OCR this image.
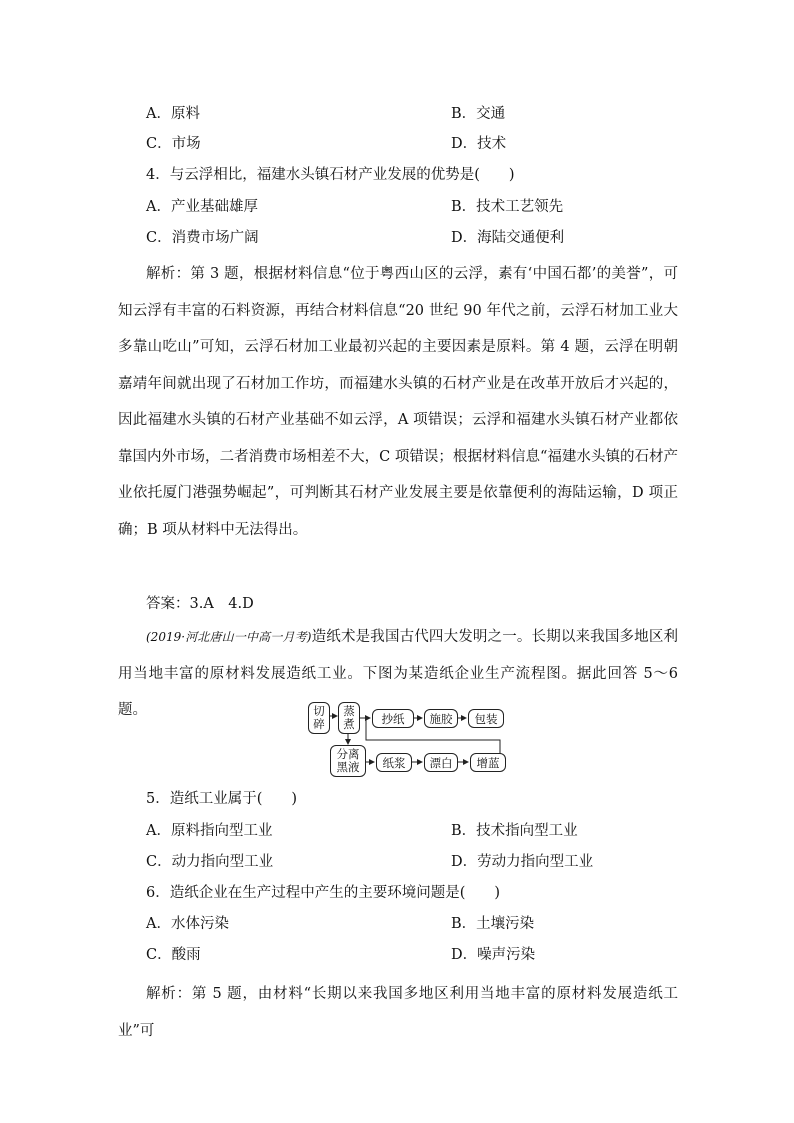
A．原料	B．交通
C．市场	D．技术
4．与云浮相比，福建水头镇石材产业发展的优势是(　　)
A．产业基础雄厚	B．技术工艺领先
C．消费市场广阔	D．海陆交通便利

解析：第 3 题，根据材料信息“位于粤西山区的云浮，素有‘中国石都’的美誉”，可知云浮有丰富的石料资源，再结合材料信息“20 世纪 90 年代之前，云浮石材加工业大多靠山吃山”可知，云浮石材加工业最初兴起的主要因素是原料。第 4 题，云浮在明朝嘉靖年间就出现了石材加工作坊，而福建水头镇的石材产业是在改革开放后才兴起的，因此福建水头镇的石材产业基础不如云浮，A 项错误；云浮和福建水头镇石材产业都依靠国内外市场，二者消费市场相差不大，C 项错误；根据材料信息“福建水头镇的石材产业依托厦门港强势崛起”，可判断其石材产业发展主要是依靠便利的海陆运输，D 项正确；B 项从材料中无法得出。

答案：3.A　4.D

(2019·河北唐山一中高一月考)造纸术是我国古代四大发明之一。长期以来我国多地区利用当地丰富的原材料发展造纸工业。下图为某造纸企业生产流程图。据此回答 5～6 题。	切
碎
蒸
煮
分离
黑液
抄纸	施胶	包装
纸浆	漂白	增蓝
5．造纸工业属于(　　)
A．原料指向型工业	B．技术指向型工业
C．动力指向型工业	D．劳动力指向型工业
6．造纸企业在生产过程中产生的主要环境问题是(　　)
A．水体污染	B．土壤污染
C．酸雨	D．噪声污染

解析：第 5 题，由材料“长期以来我国多地区利用当地丰富的原材料发展造纸工业”可
